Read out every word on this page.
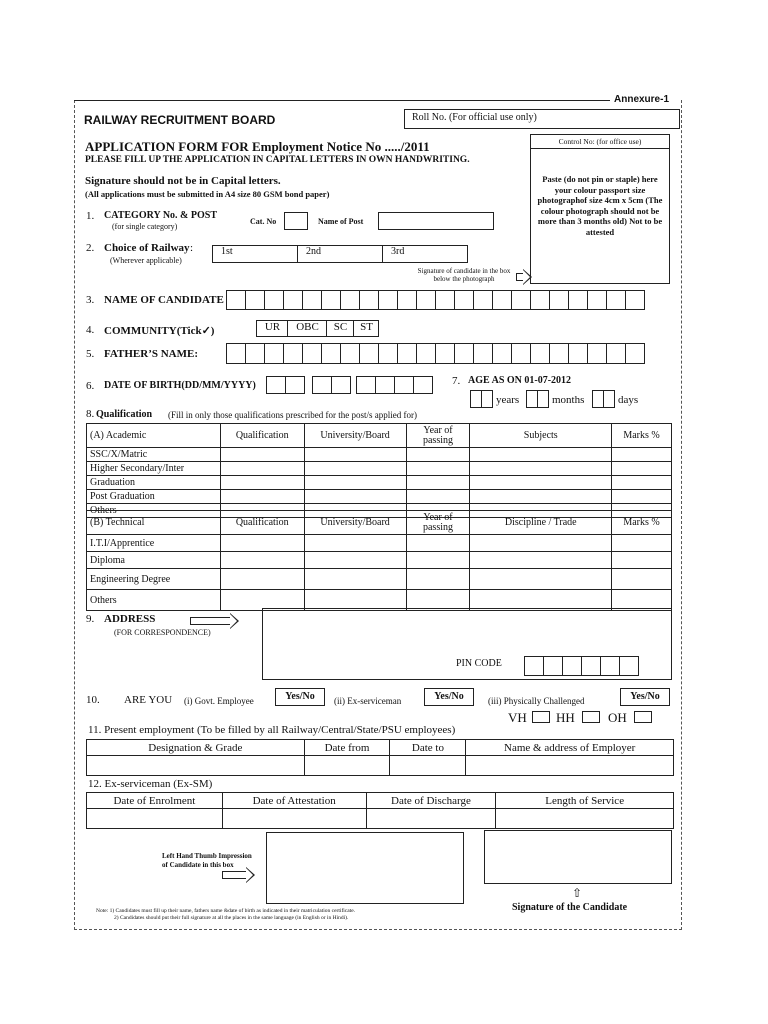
Annexure-1
RAILWAY RECRUITMENT BOARD	Roll No. (For official use only)
APPLICATION FORM FOR Employment Notice No ...../2011
PLEASE FILL UP THE APPLICATION IN CAPITAL LETTERS IN OWN HANDWRITING.
Signature should not be in Capital letters.
(All applications must be submitted in A4 size 80 GSM bond paper)
Control No: (for office use)
Paste (do not pin or staple) here your colour passport size photographof size 4cm x 5cm (The colour photograph should not be more than 3 months old) Not to be attested
Signature of candidate in the box below the photograph
1. CATEGORY No. & POST
(for single category)
Cat. No	Name of Post
2. Choice of Railway :
(Wherever applicable)
1st	2nd	3rd
3. NAME OF CANDIDATE
4. COMMUNITY(Tick✓)	UR	OBC	SC	ST
5. FATHER’S NAME:
6. DATE OF BIRTH(DD/MM/YYYY)	7. AGE AS ON 01-07-2012
years	months	days
8. Qualification (Fill in only those qualifications prescribed for the post/s applied for)
(A) Academic	Qualification	University/Board	Year of passing	Subjects	Marks %
SSC/X/Matric					
Higher Secondary/Inter					
Graduation					
Post Graduation					
Others					
(B) Technical	Qualification	University/Board	Year of passing	Discipline / Trade	Marks %
I.T.I/Apprentice					
Diploma					
Engineering Degree					
Others					
9. ADDRESS
(FOR CORRESPONDENCE)
PIN CODE
10. ARE YOU (i) Govt. Employee	Yes/No	(ii) Ex-serviceman	Yes/No	(iii) Physically Challenged	Yes/No
VH HH	OH
11. Present employment (To be filled by all Railway/Central/State/PSU employees)
Designation & Grade	Date from	Date to	Name & address of Employer

12. Ex-serviceman (Ex-SM)
Date of Enrolment	Date of Attestation	Date of Discharge	Length of Service

Left Hand Thumb Impression of Candidate in this box
⇧
Signature of the Candidate
Note: 1) Candidates must fill up their name, fathers name &date of birth as indicated in their matriculation certificate.
2) Candidates should put their full signature at all the places in the same language (in English or in Hindi).
